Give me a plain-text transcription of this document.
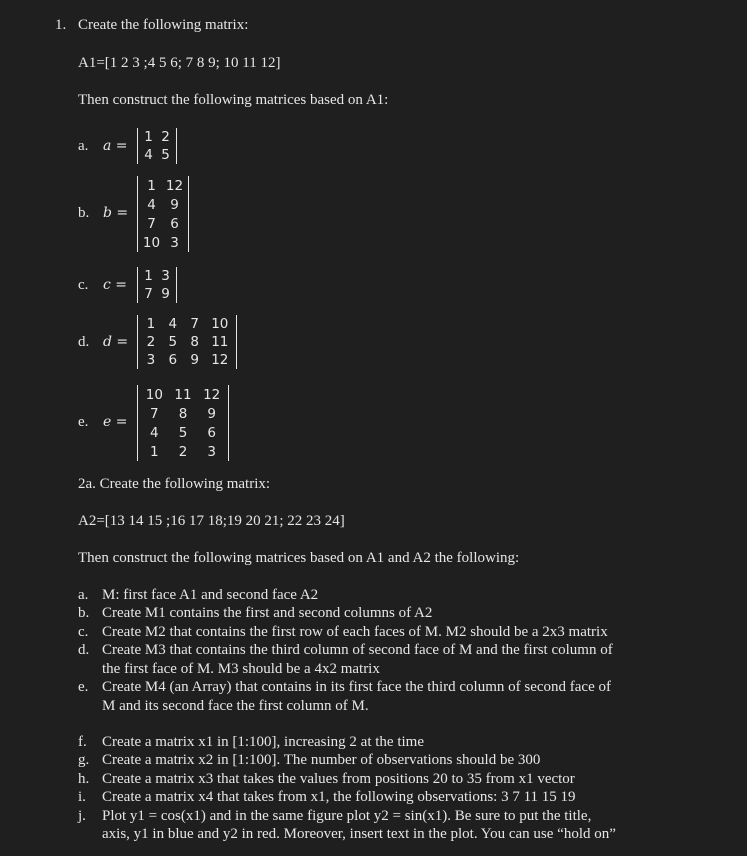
1. Create the following matrix:
A1=[1 2 3 ;4 5 6; 7 8 9; 10 11 12]
Then construct the following matrices based on A1:
a. a =
1 2
4 5
b. b =
1 12
4	9
7	6
10 3
c. c =
1 3
7 9
d. d =
1 4 7 10
2 5 8 11
3 6 9 12
e. e =
10 11 12
7	8	9
4	5	6
1	2	3
2a. Create the following matrix:
A2=[13 14 15 ;16 17 18;19 20 21; 22 23 24]
Then construct the following matrices based on A1 and A2 the following:
a. M: first face A1 and second face A2
b. Create M1 contains the first and second columns of A2
c. Create M2 that contains the first row of each faces of M. M2 should be a 2x3 matrix
d. Create M3 that contains the third column of second face of M and the first column of
the first face of M. M3 should be a 4x2 matrix
e. Create M4 (an Array) that contains in its first face the third column of second face of
M and its second face the first column of M.
f. Create a matrix x1 in [1:100], increasing 2 at the time
g. Create a matrix x2 in [1:100]. The number of observations should be 300
h. Create a matrix x3 that takes the values from positions 20 to 35 from x1 vector
i. Create a matrix x4 that takes from x1, the following observations: 3 7 11 15 19
j. Plot y1 = cos(x1) and in the same figure plot y2 = sin(x1). Be sure to put the title,
axis, y1 in blue and y2 in red. Moreover, insert text in the plot. You can use “hold on”
